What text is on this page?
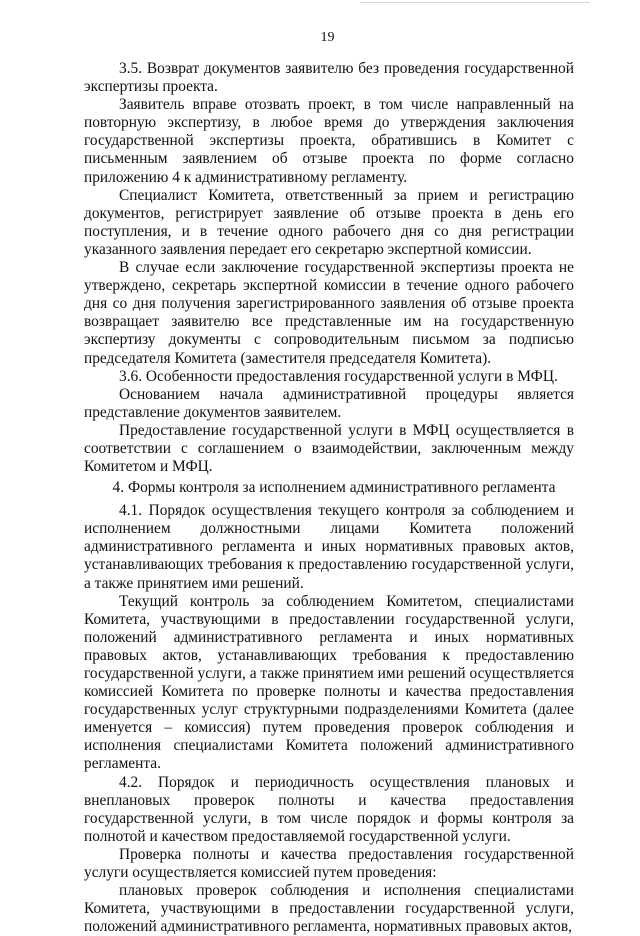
19

3.5. Возврат документов заявителю без проведения государственной экспертизы проекта.

Заявитель вправе отозвать проект, в том числе направленный на повторную экспертизу, в любое время до утверждения заключения государственной экспертизы проекта, обратившись в Комитет с письменным заявлением об отзыве проекта по форме согласно приложению 4 к административному регламенту.

Специалист Комитета, ответственный за прием и регистрацию документов, регистрирует заявление об отзыве проекта в день его поступления, и в течение одного рабочего дня со дня регистрации указанного заявления передает его секретарю экспертной комиссии.

В случае если заключение государственной экспертизы проекта не утверждено, секретарь экспертной комиссии в течение одного рабочего дня со дня получения зарегистрированного заявления об отзыве проекта возвращает заявителю все представленные им на государственную экспертизу документы с сопроводительным письмом за подписью председателя Комитета (заместителя председателя Комитета).

3.6. Особенности предоставления государственной услуги в МФЦ.

Основанием начала административной процедуры является представление документов заявителем.

Предоставление государственной услуги в МФЦ осуществляется в соответствии с соглашением о взаимодействии, заключенным между Комитетом и МФЦ.

4. Формы контроля за исполнением административного регламента

4.1. Порядок осуществления текущего контроля за соблюдением и исполнением должностными лицами Комитета положений административного регламента и иных нормативных правовых актов, устанавливающих требования к предоставлению государственной услуги, а также принятием ими решений.

Текущий контроль за соблюдением Комитетом, специалистами Комитета, участвующими в предоставлении государственной услуги, положений административного регламента и иных нормативных правовых актов, устанавливающих требования к предоставлению государственной услуги, а также принятием ими решений осуществляется комиссией Комитета по проверке полноты и качества предоставления государственных услуг структурными подразделениями Комитета (далее именуется – комиссия) путем проведения проверок соблюдения и исполнения специалистами Комитета положений административного регламента.

4.2. Порядок и периодичность осуществления плановых и внеплановых проверок полноты и качества предоставления государственной услуги, в том числе порядок и формы контроля за полнотой и качеством предоставляемой государственной услуги.

Проверка полноты и качества предоставления государственной услуги осуществляется комиссией путем проведения:

плановых проверок соблюдения и исполнения специалистами Комитета, участвующими в предоставлении государственной услуги, положений административного регламента, нормативных правовых актов,
